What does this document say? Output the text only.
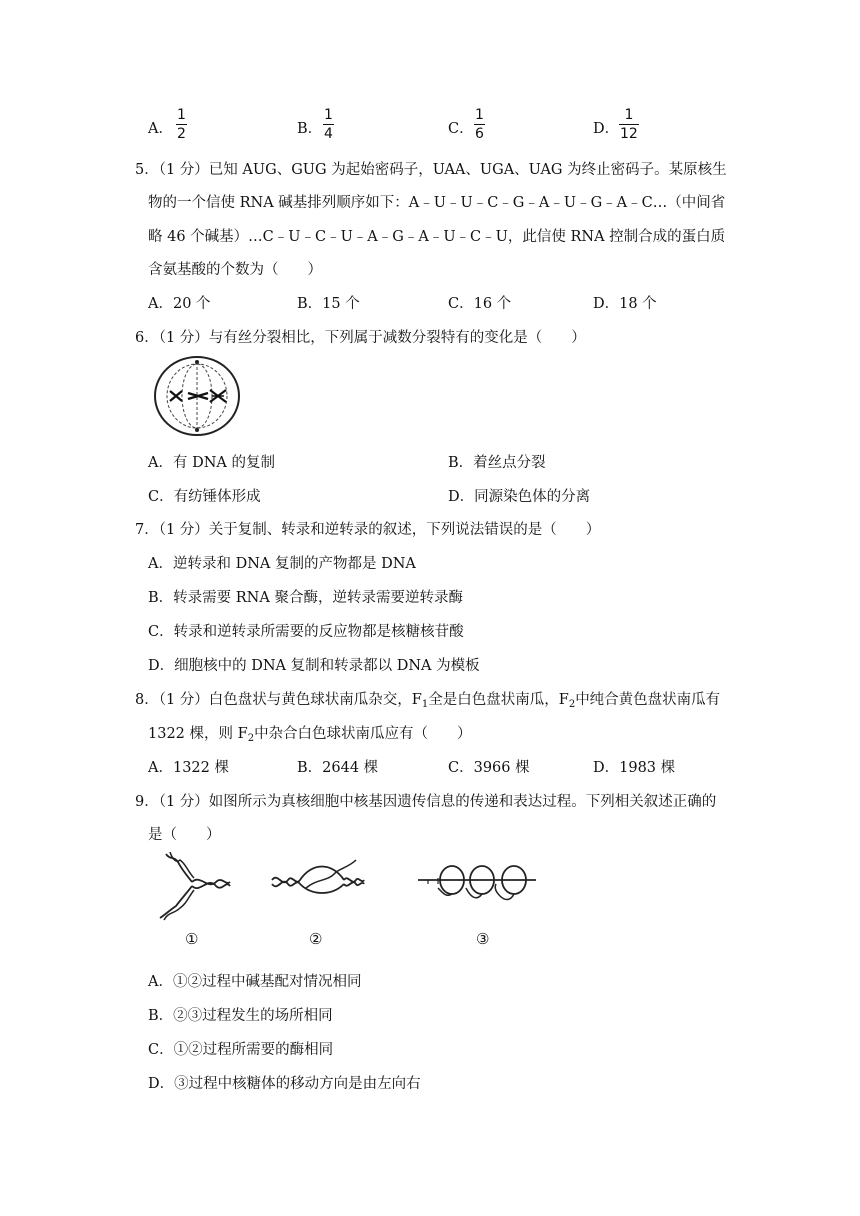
A．
1
2	B．
1
4	C．
1
6	D．
1
12
5．（1 分）已知 AUG、GUG 为起始密码子，UAA、UGA、UAG 为终止密码子。某原核生
物的一个信使 RNA 碱基排列顺序如下：A﹣U﹣U﹣C﹣G﹣A﹣U﹣G﹣A﹣C…（中间省
略 46 个碱基）…C﹣U﹣C﹣U﹣A﹣G﹣A﹣U﹣C﹣U，此信使 RNA 控制合成的蛋白质
含氨基酸的个数为（　　）
A．20 个	B．15 个	C．16 个	D．18 个
6．（1 分）与有丝分裂相比，下列属于减数分裂特有的变化是（　　）
A．有 DNA 的复制	B．着丝点分裂
C．有纺锤体形成	D．同源染色体的分离
7．（1 分）关于复制、转录和逆转录的叙述，下列说法错误的是（　　）
A．逆转录和 DNA 复制的产物都是 DNA
B．转录需要 RNA 聚合酶，逆转录需要逆转录酶
C．转录和逆转录所需要的反应物都是核糖核苷酸
D．细胞核中的 DNA 复制和转录都以 DNA 为模板
8．（1 分）白色盘状与黄色球状南瓜杂交，$F_1$全是白色盘状南瓜，$F_2$中纯合黄色盘状南瓜有
1322 棵，则 $F_2$中杂合白色球状南瓜应有（　　）
A．1322 棵	B．2644 棵	C．3966 棵	D．1983 棵
9．（1 分）如图所示为真核细胞中核基因遗传信息的传递和表达过程。下列相关叙述正确的
是（　　）
①	②	③
A．①②过程中碱基配对情况相同
B．②③过程发生的场所相同
C．①②过程所需要的酶相同
D．③过程中核糖体的移动方向是由左向右
